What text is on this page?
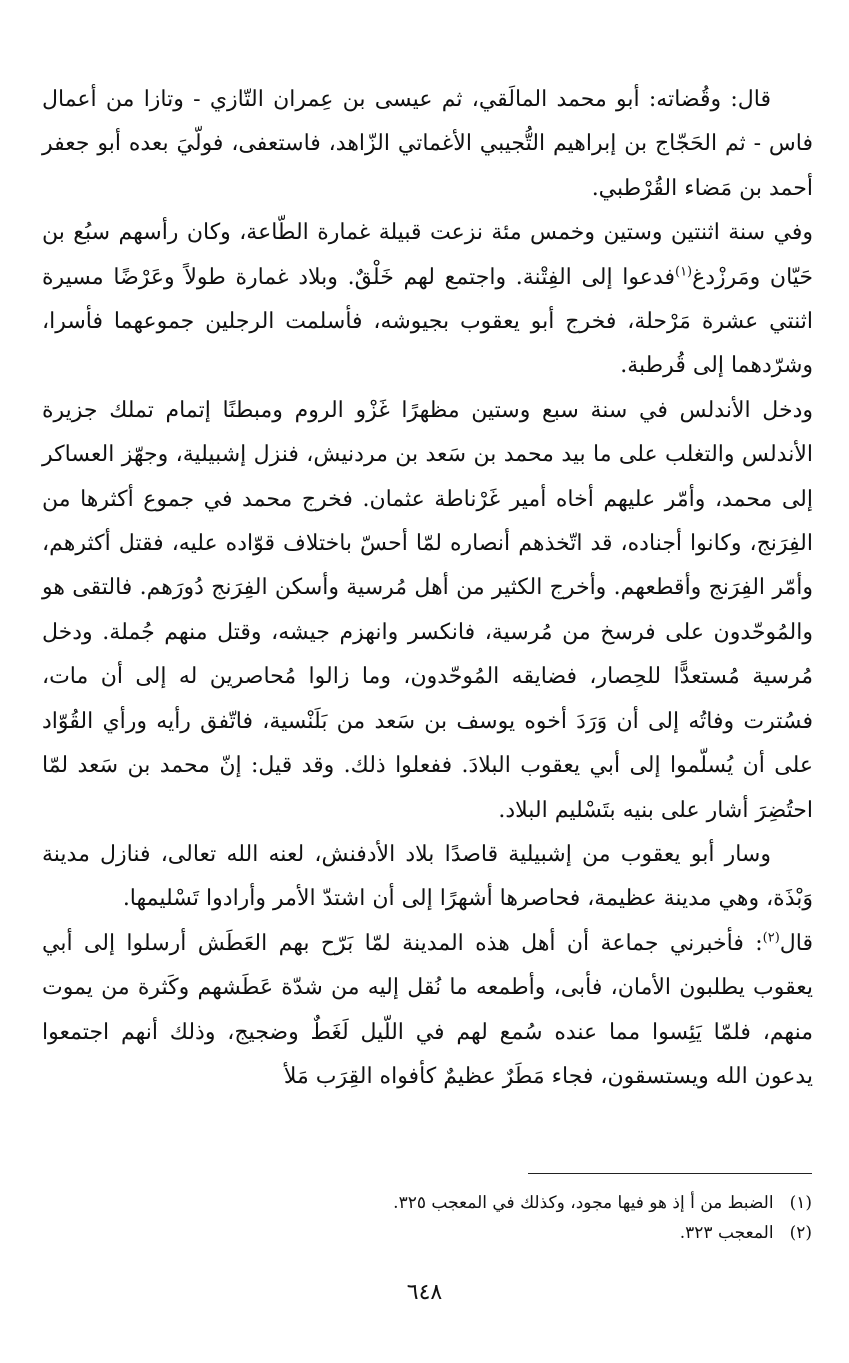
قال: وقُضاته: أبو محمد المالَقي، ثم عيسى بن عِمران التّازي - وتازا من أعمال فاس - ثم الحَجّاج بن إبراهيم التُّجيبي الأغماتي الزّاهد، فاستعفى، فولّيَ بعده أبو جعفر أحمد بن مَضاء القُرْطبي.

وفي سنة اثنتين وستين وخمس مئة نزعت قبيلة غمارة الطّاعة، وكان رأسهم سبُع بن حَيّان ومَرزْدغ$^{(١)}$فدعوا إلى الفِتْنة. واجتمع لهم خَلْقٌ. وبلاد غمارة طولاً وعَرْضًا مسيرة اثنتي عشرة مَرْحلة، فخرج أبو يعقوب بجيوشه، فأسلمت الرجلين جموعهما فأسرا، وشرّدهما إلى قُرطبة.

ودخل الأندلس في سنة سبع وستين مظهرًا غَزْو الروم ومبطنًا إتمام تملك جزيرة الأندلس والتغلب على ما بيد محمد بن سَعد بن مردنيش، فنزل إشبيلية، وجهّز العساكر إلى محمد، وأمّر عليهم أخاه أمير غَرْناطة عثمان. فخرج محمد في جموع أكثرها من الفِرَنج، وكانوا أجناده، قد اتّخذهم أنصاره لمّا أحسّ باختلاف قوّاده عليه، فقتل أكثرهم، وأمّر الفِرَنج وأقطعهم. وأخرج الكثير من أهل مُرسية وأسكن الفِرَنج دُورَهم. فالتقى هو والمُوحّدون على فرسخ من مُرسية، فانكسر وانهزم جيشه، وقتل منهم جُملة. ودخل مُرسية مُستعدًّا للحِصار، فضايقه المُوحّدون، وما زالوا مُحاصرين له إلى أن مات، فسُترت وفاتُه إلى أن وَرَدَ أخوه يوسف بن سَعد من بَلَنْسية، فاتّفق رأيه ورأي القُوّاد على أن يُسلّموا إلى أبي يعقوب البلادَ. ففعلوا ذلك. وقد قيل: إنّ محمد بن سَعد لمّا احتُضِرَ أشار على بنيه بتَسْليم البلاد.

وسار أبو يعقوب من إشبيلية قاصدًا بلاد الأدفنش، لعنه الله تعالى، فنازل مدينة وَبْذَة، وهي مدينة عظيمة، فحاصرها أشهرًا إلى أن اشتدّ الأمر وأرادوا تَسْليمها.

قال$^{(٢)}$: فأخبرني جماعة أن أهل هذه المدينة لمّا بَرّح بهم العَطَش أرسلوا إلى أبي يعقوب يطلبون الأمان، فأبى، وأطمعه ما نُقل إليه من شدّة عَطَشهم وكَثرة من يموت منهم، فلمّا يَئِسوا مما عنده سُمع لهم في اللّيل لَغَطٌ وضجيج، وذلك أنهم اجتمعوا يدعون الله ويستسقون، فجاء مَطَرٌ عظيمٌ كأفواه القِرَب مَلأ

(١)الضبط من أ إذ هو فيها مجود، وكذلك في المعجب ٣٢٥.

(٢)المعجب ٣٢٣.

٦٤٨
